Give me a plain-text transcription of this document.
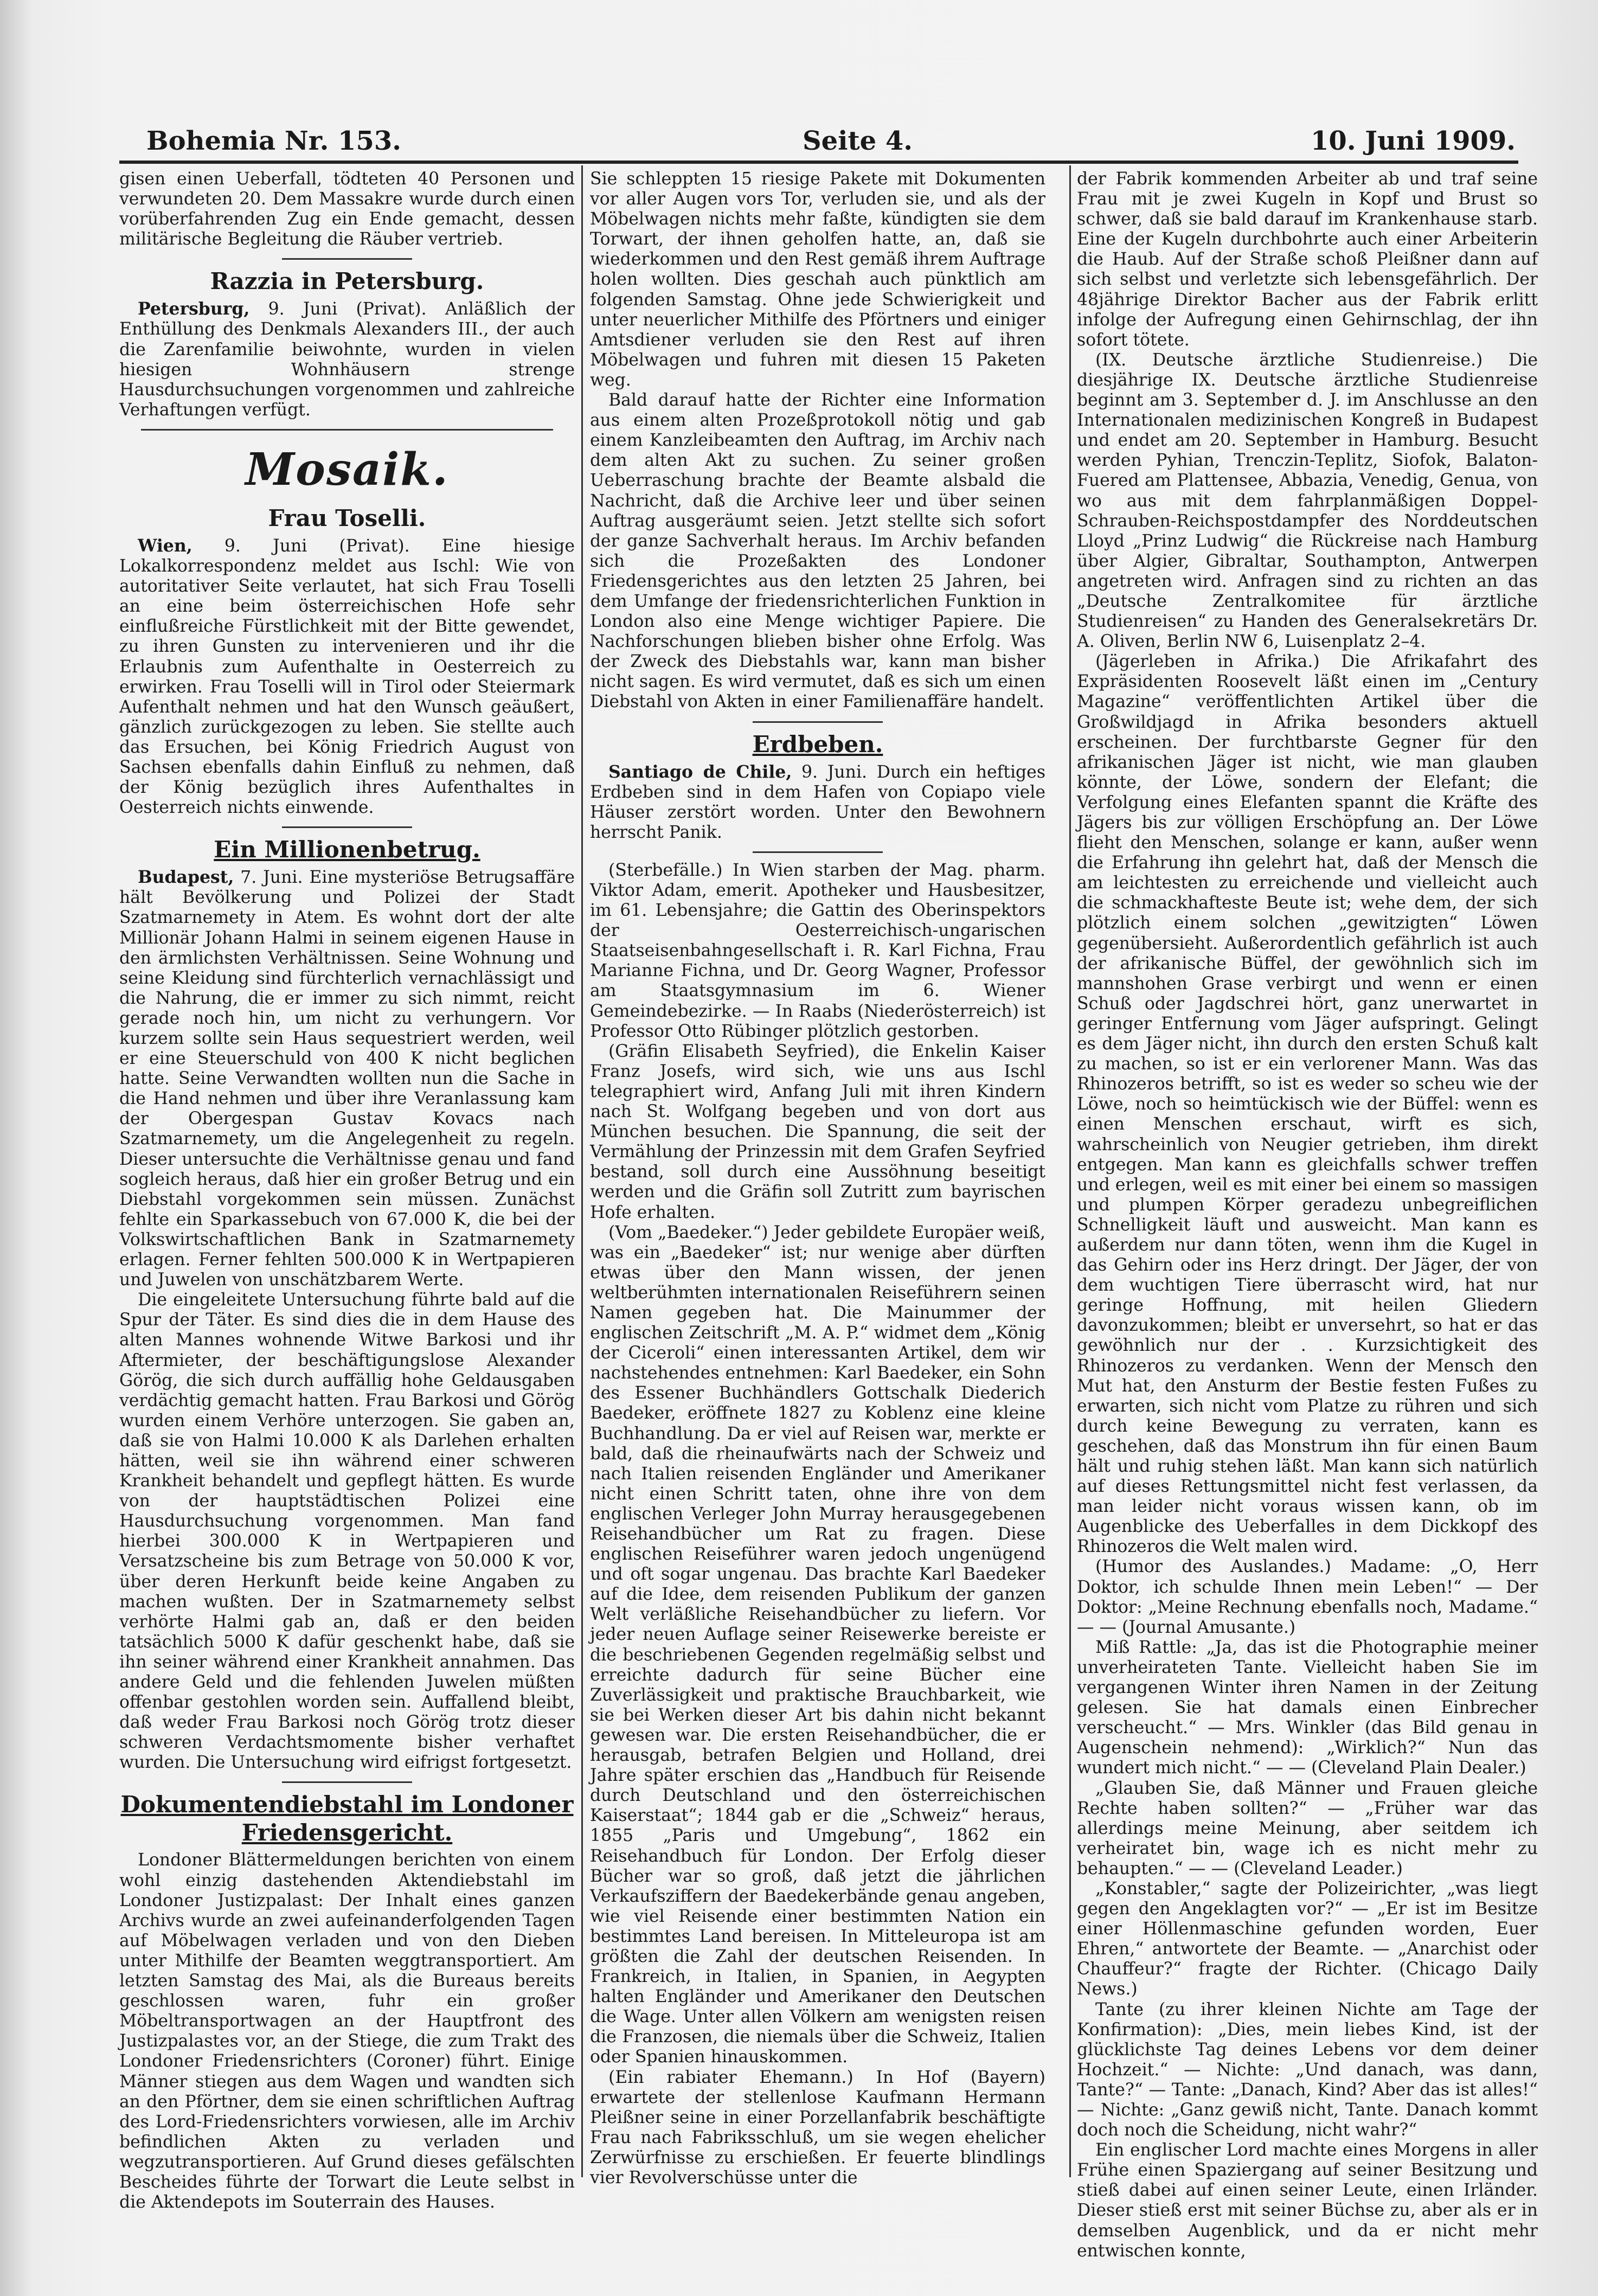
Bohemia Nr. 153.	Seite 4.	10. Juni 1909.

gisen einen Ueberfall, tödteten 40 Personen und verwundeten 20. Dem Massakre wurde durch einen vorüberfahrenden Zug ein Ende gemacht, dessen militärische Begleitung die Räuber vertrieb.

Razzia in Petersburg.

Petersburg, 9. Juni (Privat). Anläßlich der Enthüllung des Denkmals Alexanders III., der auch die Zarenfamilie beiwohnte, wurden in vielen hiesigen Wohnhäusern strenge Hausdurchsuchungen vorgenommen und zahlreiche Verhaftungen verfügt.

Mosaik.
Frau Toselli.

Wien, 9. Juni (Privat). Eine hiesige Lokalkorrespondenz meldet aus Ischl: Wie von autoritativer Seite verlautet, hat sich Frau Toselli an eine beim österreichischen Hofe sehr einflußreiche Fürstlichkeit mit der Bitte gewendet, zu ihren Gunsten zu intervenieren und ihr die Erlaubnis zum Aufenthalte in Oesterreich zu erwirken. Frau Toselli will in Tirol oder Steiermark Aufenthalt nehmen und hat den Wunsch geäußert, gänzlich zurückgezogen zu leben. Sie stellte auch das Ersuchen, bei König Friedrich August von Sachsen ebenfalls dahin Einfluß zu nehmen, daß der König bezüglich ihres Aufenthaltes in Oesterreich nichts einwende.

Ein Millionenbetrug.

Budapest, 7. Juni. Eine mysteriöse Betrugsaffäre hält Bevölkerung und Polizei der Stadt Szatmarnemety in Atem. Es wohnt dort der alte Millionär Johann Halmi in seinem eigenen Hause in den ärmlichsten Verhältnissen. Seine Wohnung und seine Kleidung sind fürchterlich vernachlässigt und die Nahrung, die er immer zu sich nimmt, reicht gerade noch hin, um nicht zu verhungern. Vor kurzem sollte sein Haus sequestriert werden, weil er eine Steuerschuld von 400 K nicht beglichen hatte. Seine Verwandten wollten nun die Sache in die Hand nehmen und über ihre Veranlassung kam der Obergespan Gustav Kovacs nach Szatmarnemety, um die Angelegenheit zu regeln. Dieser untersuchte die Verhältnisse genau und fand sogleich heraus, daß hier ein großer Betrug und ein Diebstahl vorgekommen sein müssen. Zunächst fehlte ein Sparkassebuch von 67.000 K, die bei der Volkswirtschaftlichen Bank in Szatmarnemety erlagen. Ferner fehlten 500.000 K in Wertpapieren und Juwelen von unschätzbarem Werte.

Die eingeleitete Untersuchung führte bald auf die Spur der Täter. Es sind dies die in dem Hause des alten Mannes wohnende Witwe Barkosi und ihr Aftermieter, der beschäftigungslose Alexander Görög, die sich durch auffällig hohe Geldausgaben verdächtig gemacht hatten. Frau Barkosi und Görög wurden einem Verhöre unterzogen. Sie gaben an, daß sie von Halmi 10.000 K als Darlehen erhalten hätten, weil sie ihn während einer schweren Krankheit behandelt und gepflegt hätten. Es wurde von der hauptstädtischen Polizei eine Hausdurchsuchung vorgenommen. Man fand hierbei 300.000 K in Wertpapieren und Versatzscheine bis zum Betrage von 50.000 K vor, über deren Herkunft beide keine Angaben zu machen wußten. Der in Szatmarnemety selbst verhörte Halmi gab an, daß er den beiden tatsächlich 5000 K dafür geschenkt habe, daß sie ihn seiner während einer Krankheit annahmen. Das andere Geld und die fehlenden Juwelen müßten offenbar gestohlen worden sein. Auffallend bleibt, daß weder Frau Barkosi noch Görög trotz dieser schweren Verdachtsmomente bisher verhaftet wurden. Die Untersuchung wird eifrigst fortgesetzt.

Dokumentendiebstahl im Londoner Friedensgericht.

Londoner Blättermeldungen berichten von einem wohl einzig dastehenden Aktendiebstahl im Londoner Justizpalast: Der Inhalt eines ganzen Archivs wurde an zwei aufeinanderfolgenden Tagen auf Möbelwagen verladen und von den Dieben unter Mithilfe der Beamten weggtransportiert. Am letzten Samstag des Mai, als die Bureaus bereits geschlossen waren, fuhr ein großer Möbeltransportwagen an der Hauptfront des Justizpalastes vor, an der Stiege, die zum Trakt des Londoner Friedensrichters (Coroner) führt. Einige Männer stiegen aus dem Wagen und wandten sich an den Pförtner, dem sie einen schriftlichen Auftrag des Lord-Friedensrichters vorwiesen, alle im Archiv befindlichen Akten zu verladen und wegzutransportieren. Auf Grund dieses gefälschten Bescheides führte der Torwart die Leute selbst in die Aktendepots im Souterrain des Hauses.

Sie schleppten 15 riesige Pakete mit Dokumenten vor aller Augen vors Tor, verluden sie, und als der Möbelwagen nichts mehr faßte, kündigten sie dem Torwart, der ihnen geholfen hatte, an, daß sie wiederkommen und den Rest gemäß ihrem Auftrage holen wollten. Dies geschah auch pünktlich am folgenden Samstag. Ohne jede Schwierigkeit und unter neuerlicher Mithilfe des Pförtners und einiger Amtsdiener verluden sie den Rest auf ihren Möbelwagen und fuhren mit diesen 15 Paketen weg.

Bald darauf hatte der Richter eine Information aus einem alten Prozeßprotokoll nötig und gab einem Kanzleibeamten den Auftrag, im Archiv nach dem alten Akt zu suchen. Zu seiner großen Ueberraschung brachte der Beamte alsbald die Nachricht, daß die Archive leer und über seinen Auftrag ausgeräumt seien. Jetzt stellte sich sofort der ganze Sachverhalt heraus. Im Archiv befanden sich die Prozeßakten des Londoner Friedensgerichtes aus den letzten 25 Jahren, bei dem Umfange der friedensrichterlichen Funktion in London also eine Menge wichtiger Papiere. Die Nachforschungen blieben bisher ohne Erfolg. Was der Zweck des Diebstahls war, kann man bisher nicht sagen. Es wird vermutet, daß es sich um einen Diebstahl von Akten in einer Familienaffäre handelt.

Erdbeben.

Santiago de Chile, 9. Juni. Durch ein heftiges Erdbeben sind in dem Hafen von Copiapo viele Häuser zerstört worden. Unter den Bewohnern herrscht Panik.

(Sterbefälle.) In Wien starben der Mag. pharm. Viktor Adam, emerit. Apotheker und Hausbesitzer, im 61. Lebensjahre; die Gattin des Oberinspektors der Oesterreichisch-ungarischen Staatseisenbahngesellschaft i. R. Karl Fichna, Frau Marianne Fichna, und Dr. Georg Wagner, Professor am Staatsgymnasium im 6. Wiener Gemeindebezirke. — In Raabs (Niederösterreich) ist Professor Otto Rübinger plötzlich gestorben.

(Gräfin Elisabeth Seyfried), die Enkelin Kaiser Franz Josefs, wird sich, wie uns aus Ischl telegraphiert wird, Anfang Juli mit ihren Kindern nach St. Wolfgang begeben und von dort aus München besuchen. Die Spannung, die seit der Vermählung der Prinzessin mit dem Grafen Seyfried bestand, soll durch eine Aussöhnung beseitigt werden und die Gräfin soll Zutritt zum bayrischen Hofe erhalten.

(Vom „Baedeker.“) Jeder gebildete Europäer weiß, was ein „Baedeker“ ist; nur wenige aber dürften etwas über den Mann wissen, der jenen weltberühmten internationalen Reiseführern seinen Namen gegeben hat. Die Mainummer der englischen Zeitschrift „M. A. P.“ widmet dem „König der Ciceroli“ einen interessanten Artikel, dem wir nachstehendes entnehmen: Karl Baedeker, ein Sohn des Essener Buchhändlers Gottschalk Diederich Baedeker, eröffnete 1827 zu Koblenz eine kleine Buchhandlung. Da er viel auf Reisen war, merkte er bald, daß die rheinaufwärts nach der Schweiz und nach Italien reisenden Engländer und Amerikaner nicht einen Schritt taten, ohne ihre von dem englischen Verleger John Murray herausgegebenen Reisehandbücher um Rat zu fragen. Diese englischen Reiseführer waren jedoch ungenügend und oft sogar ungenau. Das brachte Karl Baedeker auf die Idee, dem reisenden Publikum der ganzen Welt verläßliche Reisehandbücher zu liefern. Vor jeder neuen Auflage seiner Reisewerke bereiste er die beschriebenen Gegenden regelmäßig selbst und erreichte dadurch für seine Bücher eine Zuverlässigkeit und praktische Brauchbarkeit, wie sie bei Werken dieser Art bis dahin nicht bekannt gewesen war. Die ersten Reisehandbücher, die er herausgab, betrafen Belgien und Holland, drei Jahre später erschien das „Handbuch für Reisende durch Deutschland und den österreichischen Kaiserstaat“; 1844 gab er die „Schweiz“ heraus, 1855 „Paris und Umgebung“, 1862 ein Reisehandbuch für London. Der Erfolg dieser Bücher war so groß, daß jetzt die jährlichen Verkaufsziffern der Baedekerbände genau angeben, wie viel Reisende einer bestimmten Nation ein bestimmtes Land bereisen. In Mitteleuropa ist am größten die Zahl der deutschen Reisenden. In Frankreich, in Italien, in Spanien, in Aegypten halten Engländer und Amerikaner den Deutschen die Wage. Unter allen Völkern am wenigsten reisen die Franzosen, die niemals über die Schweiz, Italien oder Spanien hinauskommen.

(Ein rabiater Ehemann.) In Hof (Bayern) erwartete der stellenlose Kaufmann Hermann Pleißner seine in einer Porzellanfabrik beschäftigte Frau nach Fabriksschluß, um sie wegen ehelicher Zerwürfnisse zu erschießen. Er feuerte blindlings vier Revolverschüsse unter die

der Fabrik kommenden Arbeiter ab und traf seine Frau mit je zwei Kugeln in Kopf und Brust so schwer, daß sie bald darauf im Krankenhause starb. Eine der Kugeln durchbohrte auch einer Arbeiterin die Haub. Auf der Straße schoß Pleißner dann auf sich selbst und verletzte sich lebensgefährlich. Der 48jährige Direktor Bacher aus der Fabrik erlitt infolge der Aufregung einen Gehirnschlag, der ihn sofort tötete.

(IX. Deutsche ärztliche Studienreise.) Die diesjährige IX. Deutsche ärztliche Studienreise beginnt am 3. September d. J. im Anschlusse an den Internationalen medizinischen Kongreß in Budapest und endet am 20. September in Hamburg. Besucht werden Pyhian, Trenczin-Teplitz, Siofok, Balaton-Fuered am Plattensee, Abbazia, Venedig, Genua, von wo aus mit dem fahrplanmäßigen Doppel-Schrauben-Reichspostdampfer des Norddeutschen Lloyd „Prinz Ludwig“ die Rückreise nach Hamburg über Algier, Gibraltar, Southampton, Antwerpen angetreten wird. Anfragen sind zu richten an das „Deutsche Zentralkomitee für ärztliche Studienreisen“ zu Handen des Generalsekretärs Dr. A. Oliven, Berlin NW 6, Luisenplatz 2–4.

(Jägerleben in Afrika.) Die Afrikafahrt des Expräsidenten Roosevelt läßt einen im „Century Magazine“ veröffentlichten Artikel über die Großwildjagd in Afrika besonders aktuell erscheinen. Der furchtbarste Gegner für den afrikanischen Jäger ist nicht, wie man glauben könnte, der Löwe, sondern der Elefant; die Verfolgung eines Elefanten spannt die Kräfte des Jägers bis zur völligen Erschöpfung an. Der Löwe flieht den Menschen, solange er kann, außer wenn die Erfahrung ihn gelehrt hat, daß der Mensch die am leichtesten zu erreichende und vielleicht auch die schmackhafteste Beute ist; wehe dem, der sich plötzlich einem solchen „gewitzigten“ Löwen gegenübersieht. Außerordentlich gefährlich ist auch der afrikanische Büffel, der gewöhnlich sich im mannshohen Grase verbirgt und wenn er einen Schuß oder Jagdschrei hört, ganz unerwartet in geringer Entfernung vom Jäger aufspringt. Gelingt es dem Jäger nicht, ihn durch den ersten Schuß kalt zu machen, so ist er ein verlorener Mann. Was das Rhinozeros betrifft, so ist es weder so scheu wie der Löwe, noch so heimtückisch wie der Büffel: wenn es einen Menschen erschaut, wirft es sich, wahrscheinlich von Neugier getrieben, ihm direkt entgegen. Man kann es gleichfalls schwer treffen und erlegen, weil es mit einer bei einem so massigen und plumpen Körper geradezu unbegreiflichen Schnelligkeit läuft und ausweicht. Man kann es außerdem nur dann töten, wenn ihm die Kugel in das Gehirn oder ins Herz dringt. Der Jäger, der von dem wuchtigen Tiere überrascht wird, hat nur geringe Hoffnung, mit heilen Gliedern davonzukommen; bleibt er unversehrt, so hat er das gewöhnlich nur der . . Kurzsichtigkeit des Rhinozeros zu verdanken. Wenn der Mensch den Mut hat, den Ansturm der Bestie festen Fußes zu erwarten, sich nicht vom Platze zu rühren und sich durch keine Bewegung zu verraten, kann es geschehen, daß das Monstrum ihn für einen Baum hält und ruhig stehen läßt. Man kann sich natürlich auf dieses Rettungsmittel nicht fest verlassen, da man leider nicht voraus wissen kann, ob im Augenblicke des Ueberfalles in dem Dickkopf des Rhinozeros die Welt malen wird.

(Humor des Auslandes.) Madame: „O, Herr Doktor, ich schulde Ihnen mein Leben!“ — Der Doktor: „Meine Rechnung ebenfalls noch, Madame.“ — — (Journal Amusante.)

Miß Rattle: „Ja, das ist die Photographie meiner unverheirateten Tante. Vielleicht haben Sie im vergangenen Winter ihren Namen in der Zeitung gelesen. Sie hat damals einen Einbrecher verscheucht.“ — Mrs. Winkler (das Bild genau in Augenschein nehmend): „Wirklich?“ Nun das wundert mich nicht.“ — — (Cleveland Plain Dealer.)

„Glauben Sie, daß Männer und Frauen gleiche Rechte haben sollten?“ — „Früher war das allerdings meine Meinung, aber seitdem ich verheiratet bin, wage ich es nicht mehr zu behaupten.“ — — (Cleveland Leader.)

„Konstabler,“ sagte der Polizeirichter, „was liegt gegen den Angeklagten vor?“ — „Er ist im Besitze einer Höllenmaschine gefunden worden, Euer Ehren,“ antwortete der Beamte. — „Anarchist oder Chauffeur?“ fragte der Richter. (Chicago Daily News.)

Tante (zu ihrer kleinen Nichte am Tage der Konfirmation): „Dies, mein liebes Kind, ist der glücklichste Tag deines Lebens vor dem deiner Hochzeit.“ — Nichte: „Und danach, was dann, Tante?“ — Tante: „Danach, Kind? Aber das ist alles!“ — Nichte: „Ganz gewiß nicht, Tante. Danach kommt doch noch die Scheidung, nicht wahr?“

Ein englischer Lord machte eines Morgens in aller Frühe einen Spaziergang auf seiner Besitzung und stieß dabei auf einen seiner Leute, einen Irländer. Dieser stieß erst mit seiner Büchse zu, aber als er in demselben Augenblick, und da er nicht mehr entwischen konnte,
